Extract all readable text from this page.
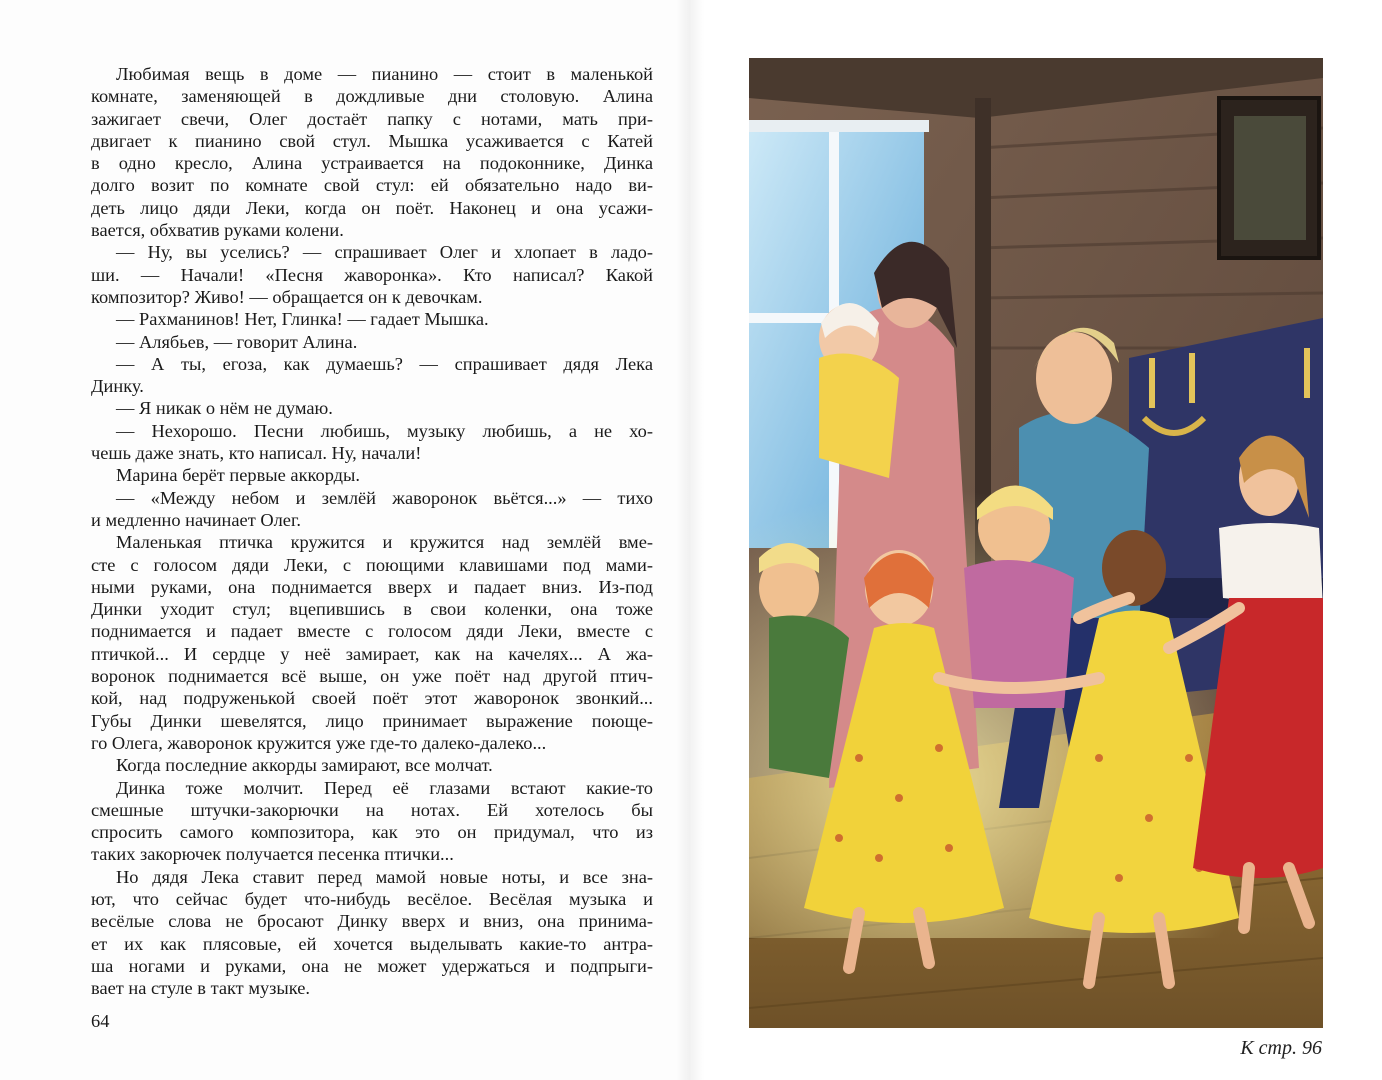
Любимая вещь в доме — пианино — стоит в маленькой
комнате, заменяющей в дождливые дни столовую. Алина
зажигает свечи, Олег достаёт папку с нотами, мать при-
двигает к пианино свой стул. Мышка усаживается с Катей
в одно кресло, Алина устраивается на подоконнике, Динка
долго возит по комнате свой стул: ей обязательно надо ви-
деть лицо дяди Леки, когда он поёт. Наконец и она усажи-
вается, обхватив руками колени.
— Ну, вы уселись? — спрашивает Олег и хлопает в ладо-
ши. — Начали! «Песня жаворонка». Кто написал? Какой
композитор? Живо! — обращается он к девочкам.
— Рахманинов! Нет, Глинка! — гадает Мышка.
— Алябьев, — говорит Алина.
— А ты, егоза, как думаешь? — спрашивает дядя Лека
Динку.
— Я никак о нём не думаю.
— Нехорошо. Песни любишь, музыку любишь, а не хо-
чешь даже знать, кто написал. Ну, начали!
Марина берёт первые аккорды.
— «Между небом и землёй жаворонок вьётся...» — тихо
и медленно начинает Олег.
Маленькая птичка кружится и кружится над землёй вме-
сте с голосом дяди Леки, с поющими клавишами под мами-
ными руками, она поднимается вверх и падает вниз. Из-под
Динки уходит стул; вцепившись в свои коленки, она тоже
поднимается и падает вместе с голосом дяди Леки, вместе с
птичкой... И сердце у неё замирает, как на качелях... А жа-
воронок поднимается всё выше, он уже поёт над другой птич-
кой, над подруженькой своей поёт этот жаворонок звонкий...
Губы Динки шевелятся, лицо принимает выражение поюще-
го Олега, жаворонок кружится уже где-то далеко-далеко...
Когда последние аккорды замирают, все молчат.
Динка тоже молчит. Перед её глазами встают какие-то
смешные штучки-закорючки на нотах. Ей хотелось бы
спросить самого композитора, как это он придумал, что из
таких закорючек получается песенка птички...
Но дядя Лека ставит перед мамой новые ноты, и все зна-
ют, что сейчас будет что-нибудь весёлое. Весёлая музыка и
весёлые слова не бросают Динку вверх и вниз, она принима-
ет их как плясовые, ей хочется выделывать какие-то антра-
ша ногами и руками, она не может удержаться и подпрыги-
вает на стуле в такт музыке.
64
К стр. 96
